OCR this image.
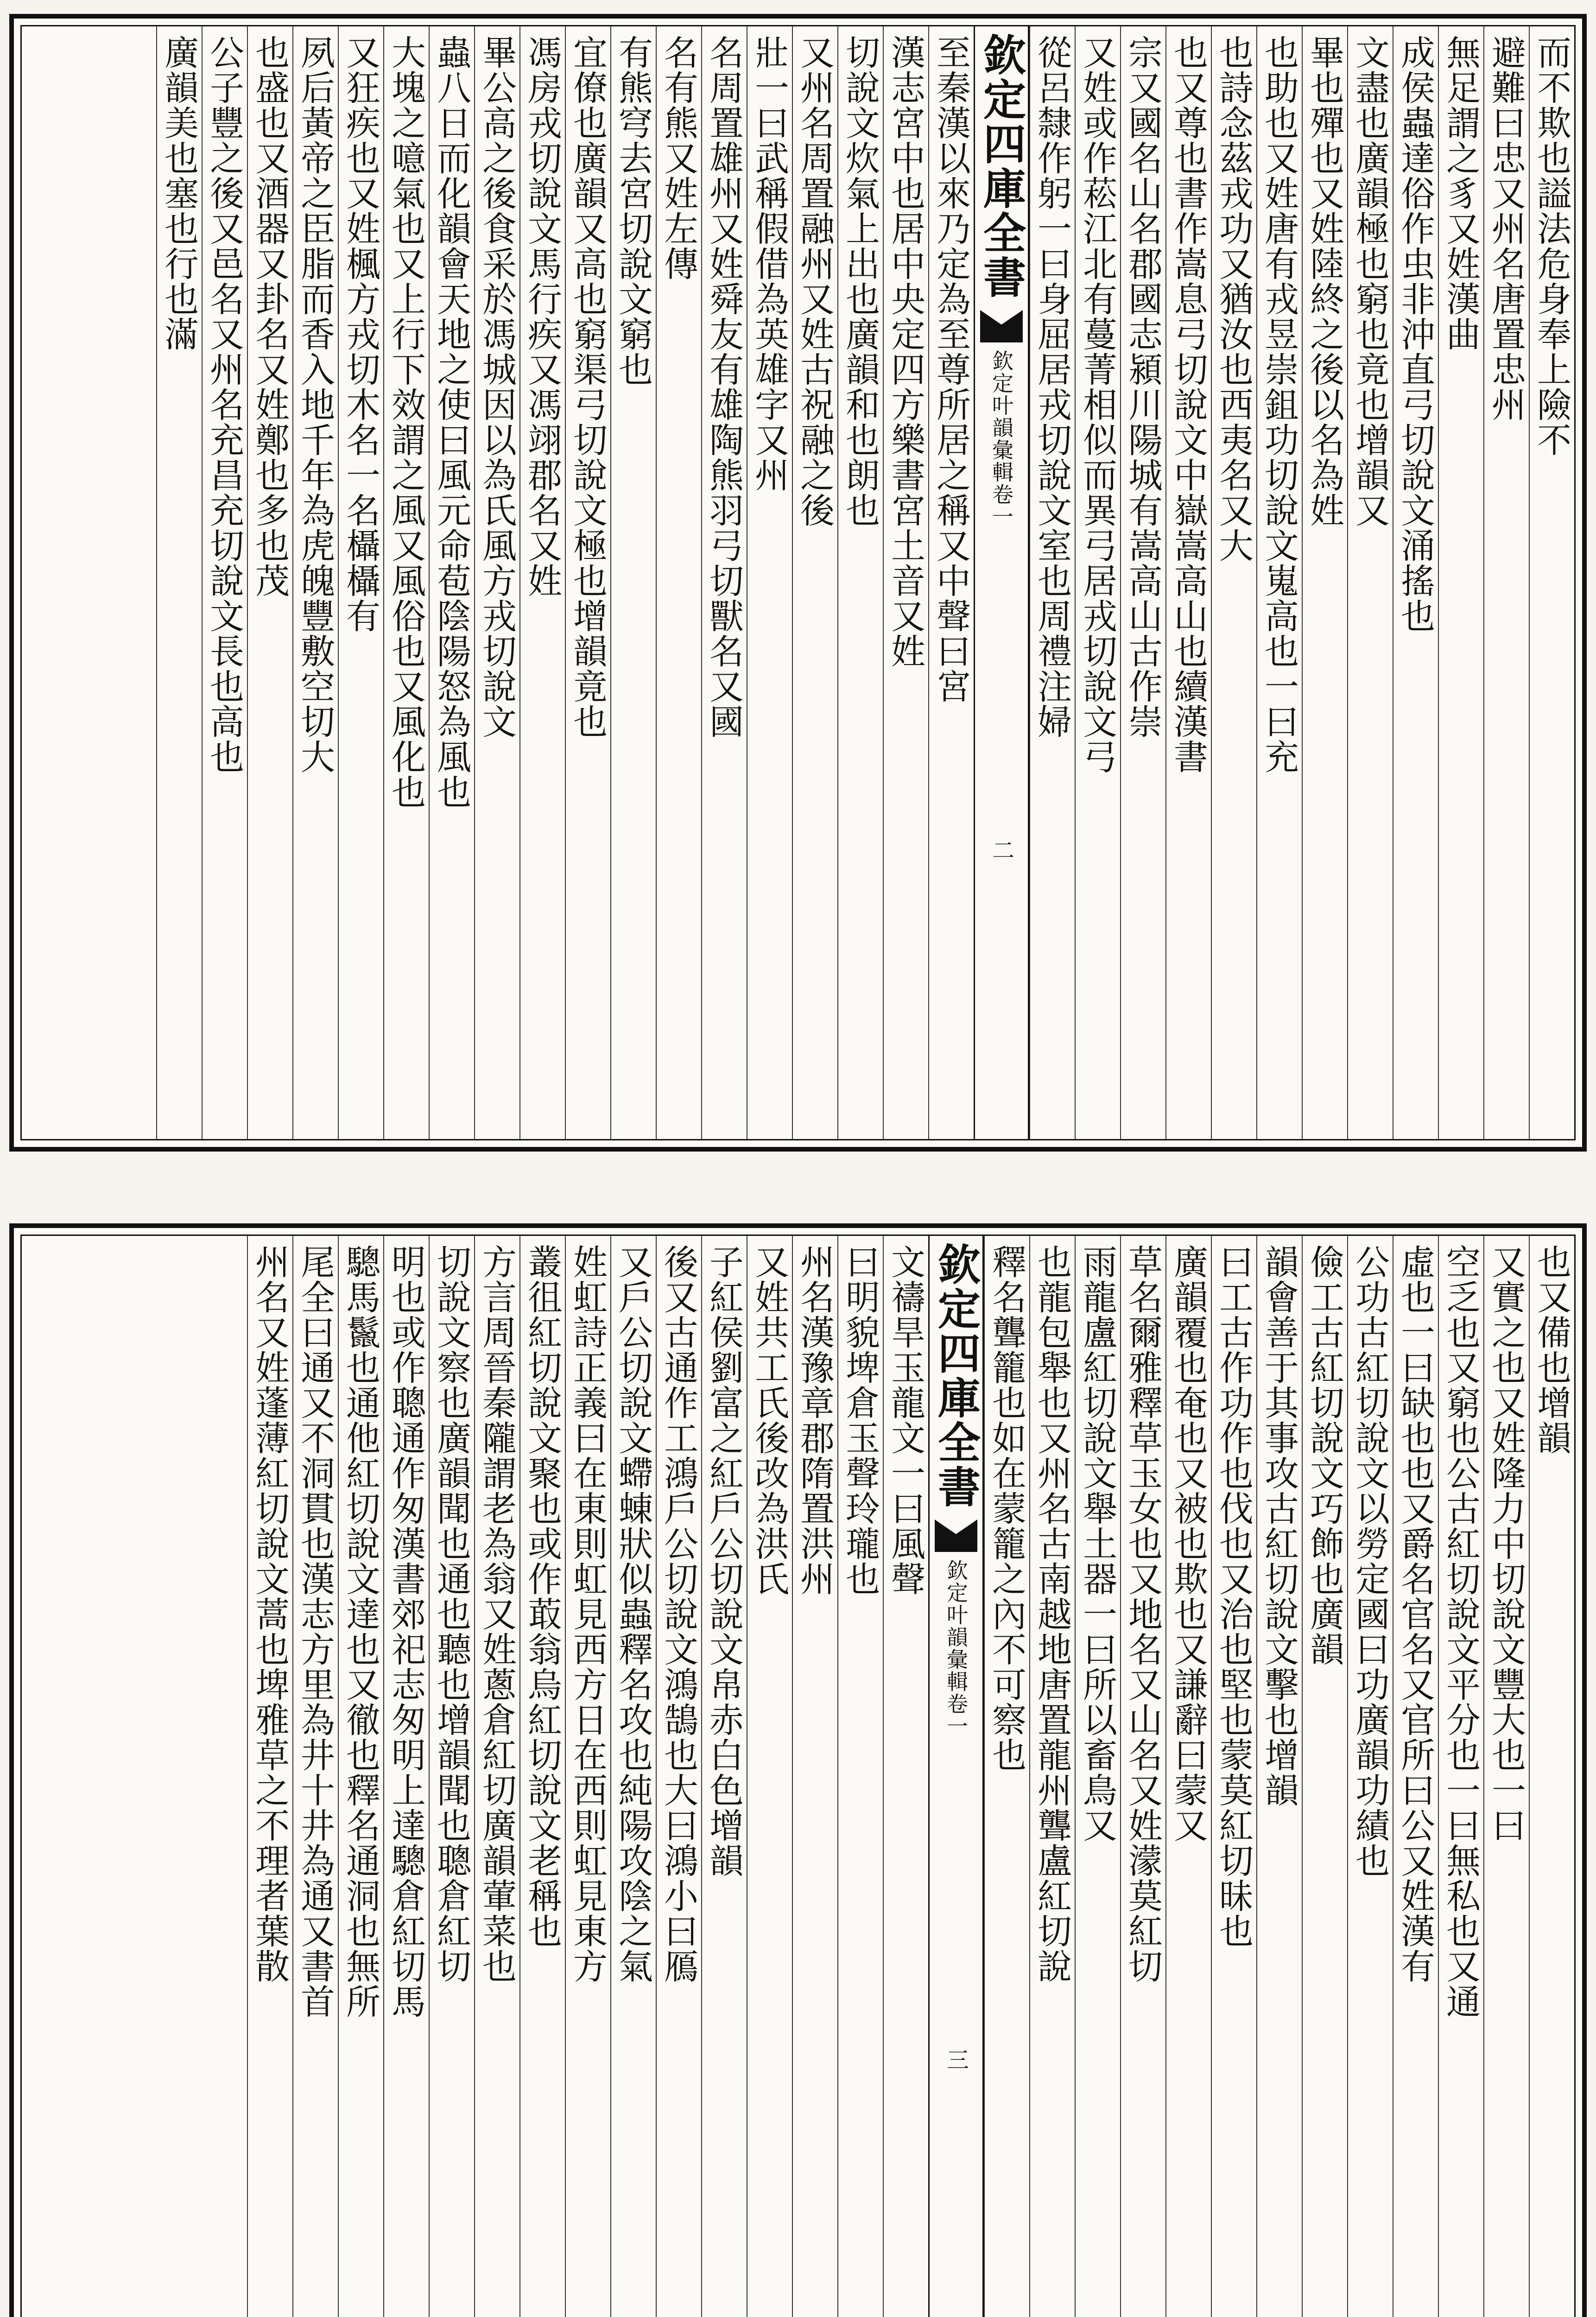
而不欺也謚法危身奉上險不
避難曰忠又州名唐置忠州
無足謂之豸又姓漢曲
成侯蟲達俗作虫非沖直弓切說文涌搖也
文盡也廣韻極也窮也竟也增韻又
畢也殫也又姓陸終之後以名為姓
也助也又姓唐有戎昱崇鉏功切說文嵬高也一曰充
也詩念茲戎功又猶汝也西夷名又大
也又尊也書作嵩息弓切說文中嶽嵩高山也續漢書
宗又國名山名郡國志潁川陽城有嵩高山古作崇
又姓或作菘江北有蔓菁相似而異弓居戎切說文弓
從呂隸作躬一曰身屈居戎切說文室也周禮注婦
欽定四庫全書
欽定叶韻彙輯
卷一
二
至秦漢以來乃定為至尊所居之稱又中聲曰宮
漢志宮中也居中央定四方樂書宮土音又姓
切說文炊氣上出也廣韻和也朗也
又州名周置融州又姓古祝融之後
壯一曰武稱假借為英雄字又州
名周置雄州又姓舜友有雄陶熊羽弓切獸名又國
名有熊又姓左傳
有熊穹去宮切說文窮也
宜僚也廣韻又高也窮渠弓切說文極也增韻竟也
馮房戎切說文馬行疾又馮翊郡名又姓
畢公高之後食采於馮城因以為氏風方戎切說文
蟲八日而化韻會天地之使曰風元命苞陰陽怒為風也
大塊之噫氣也又上行下效謂之風又風俗也又風化也
又狂疾也又姓楓方戎切木名一名欇欇有
夙后黃帝之臣脂而香入地千年為虎魄豐敷空切大
也盛也又酒器又卦名又姓鄭也多也茂
公子豐之後又邑名又州名充昌充切說文長也高也
廣韻美也塞也行也滿
也又備也增韻
又實之也又姓隆力中切說文豐大也一曰
空乏也又窮也公古紅切說文平分也一曰無私也又通
虛也一曰缺也也又爵名官名又官所曰公又姓漢有
公功古紅切說文以勞定國曰功廣韻功績也
儉工古紅切說文巧飾也廣韻
韻會善于其事攻古紅切說文擊也增韻
曰工古作功作也伐也又治也堅也蒙莫紅切昧也
廣韻覆也奄也又被也欺也又謙辭曰蒙又
草名爾雅釋草玉女也又地名又山名又姓濛莫紅切
雨龍盧紅切說文舉土器一曰所以畜鳥又
也龍包舉也又州名古南越地唐置龍州聾盧紅切說
釋名聾籠也如在蒙籠之內不可察也
欽定四庫全書
欽定叶韻彙輯
卷一
三
文禱旱玉龍文一曰風聲
曰明貌埤倉玉聲玲瓏也
州名漢豫章郡隋置洪州
又姓共工氏後改為洪氏
子紅侯劉富之紅戶公切說文帛赤白色增韻
後又古通作工鴻戶公切說文鴻鵠也大曰鴻小曰鴈
又戶公切說文螮蝀狀似蟲釋名攻也純陽攻陰之氣
姓虹詩正義曰在東則虹見西方日在西則虹見東方
叢徂紅切說文聚也或作菆翁烏紅切說文老稱也
方言周晉秦隴謂老為翁又姓蔥倉紅切廣韻葷菜也
切說文察也廣韻聞也通也聽也增韻聞也聰倉紅切
明也或作聰通作匆漢書郊祀志匆明上達驄倉紅切馬
驄馬鬣也通他紅切說文達也又徹也釋名通洞也無所
尾全曰通又不洞貫也漢志方里為井十井為通又書首
州名又姓蓬薄紅切說文蒿也埤雅草之不理者葉散
